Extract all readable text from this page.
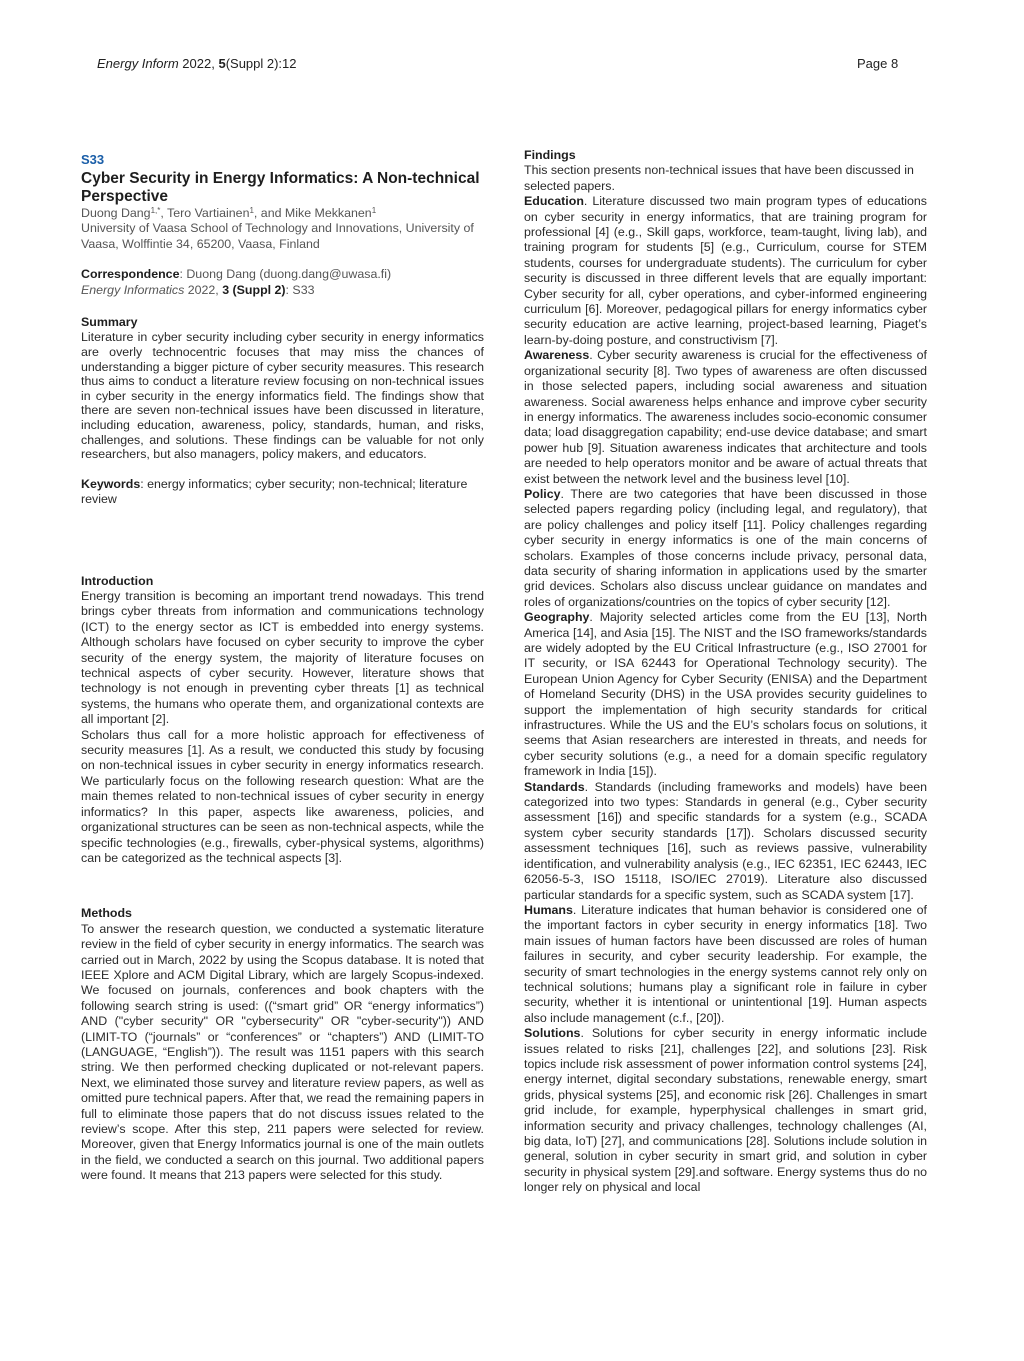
Energy Inform 2022, 5(Suppl 2):12	Page 8
S33
Cyber Security in Energy Informatics: A Non-technical Perspective

Duong Dang$^{1,*}$, Tero Vartiainen$^1$, and Mike Mekkanen$^1$

University of Vaasa School of Technology and Innovations, University of Vaasa, Wolffintie 34, 65200, Vaasa, Finland

Correspondence: Duong Dang (duong.dang@uwasa.fi)

Energy Informatics 2022, 3 (Suppl 2): S33

Summary

Literature in cyber security including cyber security in energy informatics are overly technocentric focuses that may miss the chances of understanding a bigger picture of cyber security measures. This research thus aims to conduct a literature review focusing on non-technical issues in cyber security in the energy informatics field. The findings show that there are seven non-technical issues have been discussed in literature, including education, awareness, policy, standards, human, and risks, challenges, and solutions. These findings can be valuable for not only researchers, but also managers, policy makers, and educators.

Keywords: energy informatics; cyber security; non-technical; literature review

Introduction

Energy transition is becoming an important trend nowadays. This trend brings cyber threats from information and communications technology (ICT) to the energy sector as ICT is embedded into energy systems. Although scholars have focused on cyber security to improve the cyber security of the energy system, the majority of literature focuses on technical aspects of cyber security. However, literature shows that technology is not enough in preventing cyber threats [1] as technical systems, the humans who operate them, and organizational contexts are all important [2].

Scholars thus call for a more holistic approach for effectiveness of security measures [1]. As a result, we conducted this study by focusing on non-technical issues in cyber security in energy informatics research. We particularly focus on the following research question: What are the main themes related to non-technical issues of cyber security in energy informatics? In this paper, aspects like awareness, policies, and organizational structures can be seen as non-technical aspects, while the specific technologies (e.g., firewalls, cyber-physical systems, algorithms) can be categorized as the technical aspects [3].

Methods

To answer the research question, we conducted a systematic literature review in the field of cyber security in energy informatics. The search was carried out in March, 2022 by using the Scopus database. It is noted that IEEE Xplore and ACM Digital Library, which are largely Scopus-indexed. We focused on journals, conferences and book chapters with the following search string is used: ((“smart grid” OR “energy informatics”) AND ("cyber security" OR "cybersecurity" OR "cyber-security")) AND (LIMIT-TO (“journals” or “conferences” or “chapters”) AND (LIMIT-TO (LANGUAGE, “English”)). The result was 1151 papers with this search string. We then performed checking duplicated or not-relevant papers. Next, we eliminated those survey and literature review papers, as well as omitted pure technical papers. After that, we read the remaining papers in full to eliminate those papers that do not discuss issues related to the review’s scope. After this step, 211 papers were selected for review. Moreover, given that Energy Informatics journal is one of the main outlets in the field, we conducted a search on this journal. Two additional papers were found. It means that 213 papers were selected for this study.

Findings

This section presents non-technical issues that have been discussed in selected papers.

Education. Literature discussed two main program types of educations on cyber security in energy informatics, that are training program for professional [4] (e.g., Skill gaps, workforce, team-taught, living lab), and training program for students [5] (e.g., Curriculum, course for STEM students, courses for undergraduate students). The curriculum for cyber security is discussed in three different levels that are equally important: Cyber security for all, cyber operations, and cyber-informed engineering curriculum [6]. Moreover, pedagogical pillars for energy informatics cyber security education are active learning, project-based learning, Piaget’s learn-by-doing posture, and constructivism [7].

Awareness. Cyber security awareness is crucial for the effectiveness of organizational security [8]. Two types of awareness are often discussed in those selected papers, including social awareness and situation awareness. Social awareness helps enhance and improve cyber security in energy informatics. The awareness includes socio-economic consumer data; load disaggregation capability; end-use device database; and smart power hub [9]. Situation awareness indicates that architecture and tools are needed to help operators monitor and be aware of actual threats that exist between the network level and the business level [10].

Policy. There are two categories that have been discussed in those selected papers regarding policy (including legal, and regulatory), that are policy challenges and policy itself [11]. Policy challenges regarding cyber security in energy informatics is one of the main concerns of scholars. Examples of those concerns include privacy, personal data, data security of sharing information in applications used by the smarter grid devices. Scholars also discuss unclear guidance on mandates and roles of organizations/countries on the topics of cyber security [12].

Geography. Majority selected articles come from the EU [13], North America [14], and Asia [15]. The NIST and the ISO frameworks/standards are widely adopted by the EU Critical Infrastructure (e.g., ISO 27001 for IT security, or ISA 62443 for Operational Technology security). The European Union Agency for Cyber Security (ENISA) and the Department of Homeland Security (DHS) in the USA provides security guidelines to support the implementation of high security standards for critical infrastructures. While the US and the EU’s scholars focus on solutions, it seems that Asian researchers are interested in threats, and needs for cyber security solutions (e.g., a need for a domain specific regulatory framework in India [15]).

Standards. Standards (including frameworks and models) have been categorized into two types: Standards in general (e.g., Cyber security assessment [16]) and specific standards for a system (e.g., SCADA system cyber security standards [17]). Scholars discussed security assessment techniques [16], such as reviews passive, vulnerability identification, and vulnerability analysis (e.g., IEC 62351, IEC 62443, IEC 62056-5-3, ISO 15118, ISO/IEC 27019). Literature also discussed particular standards for a specific system, such as SCADA system [17].

Humans. Literature indicates that human behavior is considered one of the important factors in cyber security in energy informatics [18]. Two main issues of human factors have been discussed are roles of human failures in security, and cyber security leadership. For example, the security of smart technologies in the energy systems cannot rely only on technical solutions; humans play a significant role in failure in cyber security, whether it is intentional or unintentional [19]. Human aspects also include management (c.f., [20]).

Solutions. Solutions for cyber security in energy informatic include issues related to risks [21], challenges [22], and solutions [23]. Risk topics include risk assessment of power information control systems [24], energy internet, digital secondary substations, renewable energy, smart grids, physical systems [25], and economic risk [26]. Challenges in smart grid include, for example, hyperphysical challenges in smart grid, information security and privacy challenges, technology challenges (AI, big data, IoT) [27], and communications [28]. Solutions include solution in general, solution in cyber security in smart grid, and solution in cyber security in physical system [29].and software. Energy systems thus do no longer rely on physical and local
